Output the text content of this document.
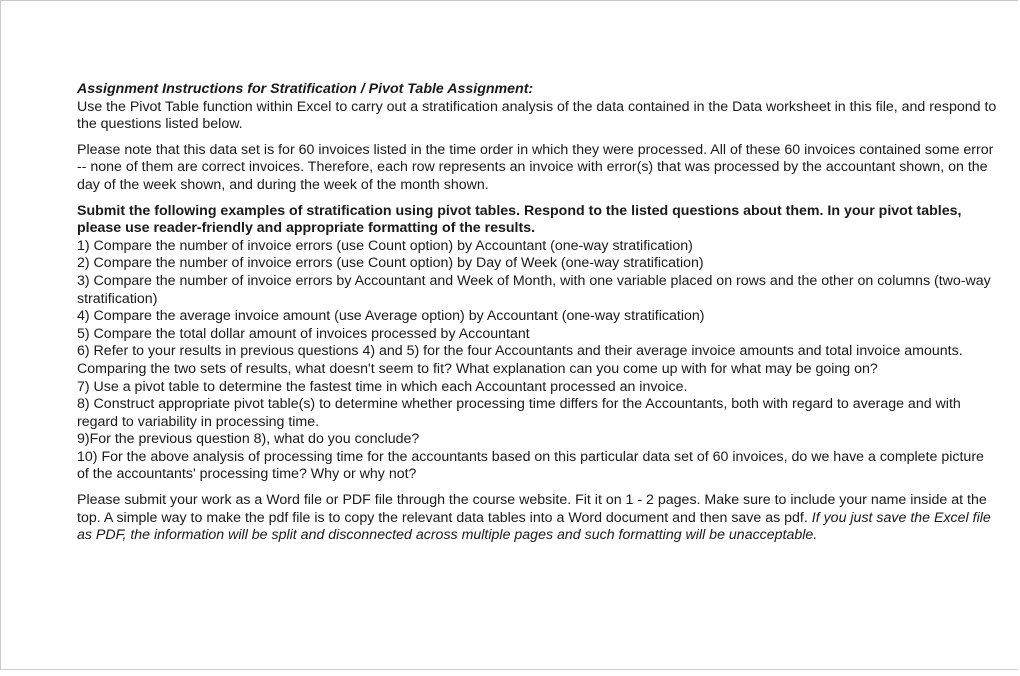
Assignment Instructions for Stratification / Pivot Table Assignment:

Use the Pivot Table function within Excel to carry out a stratification analysis of the data contained in the Data worksheet in this file, and respond to the questions listed below.

Please note that this data set is for 60 invoices listed in the time order in which they were processed. All of these 60 invoices contained some error -- none of them are correct invoices. Therefore, each row represents an invoice with error(s) that was processed by the accountant shown, on the day of the week shown, and during the week of the month shown.

Submit the following examples of stratification using pivot tables. Respond to the listed questions about them. In your pivot tables, please use reader-friendly and appropriate formatting of the results.

1) Compare the number of invoice errors (use Count option) by Accountant (one-way stratification)

2) Compare the number of invoice errors (use Count option) by Day of Week (one-way stratification)

3) Compare the number of invoice errors by Accountant and Week of Month, with one variable placed on rows and the other on columns (two-way stratification)

4) Compare the average invoice amount (use Average option) by Accountant (one-way stratification)

5) Compare the total dollar amount of invoices processed by Accountant

6) Refer to your results in previous questions 4) and 5) for the four Accountants and their average invoice amounts and total invoice amounts. Comparing the two sets of results, what doesn't seem to fit? What explanation can you come up with for what may be going on?

7) Use a pivot table to determine the fastest time in which each Accountant processed an invoice.

8) Construct appropriate pivot table(s) to determine whether processing time differs for the Accountants, both with regard to average and with regard to variability in processing time.

9)For the previous question 8), what do you conclude?

10) For the above analysis of processing time for the accountants based on this particular data set of 60 invoices, do we have a complete picture of the accountants' processing time? Why or why not?

Please submit your work as a Word file or PDF file through the course website. Fit it on 1 - 2 pages. Make sure to include your name inside at the top. A simple way to make the pdf file is to copy the relevant data tables into a Word document and then save as pdf. If you just save the Excel file as PDF, the information will be split and disconnected across multiple pages and such formatting will be unacceptable.
